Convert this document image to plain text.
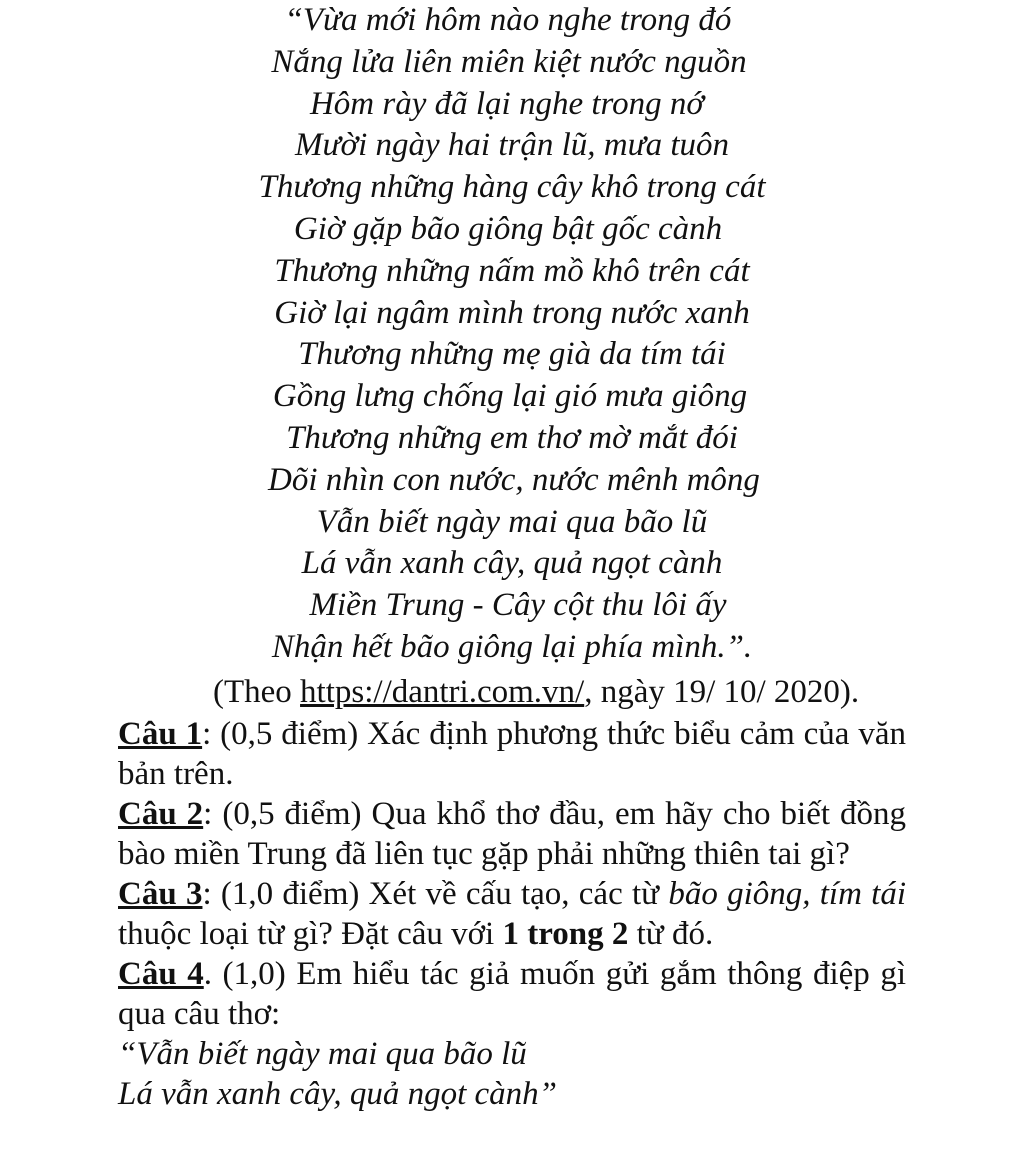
“Vừa mới hôm nào nghe trong đó
Nắng lửa liên miên kiệt nước nguồn
Hôm rày đã lại nghe trong nớ
Mười ngày hai trận lũ, mưa tuôn
Thương những hàng cây khô trong cát
Giờ gặp bão giông bật gốc cành
Thương những nấm mồ khô trên cát
Giờ lại ngâm mình trong nước xanh
Thương những mẹ già da tím tái
Gồng lưng chống lại gió mưa giông
Thương những em thơ mờ mắt đói
Dõi nhìn con nước, nước mênh mông
Vẫn biết ngày mai qua bão lũ
Lá vẫn xanh cây, quả ngọt cành
Miền Trung - Cây cột thu lôi ấy
Nhận hết bão giông lại phía mình.”.
(Theo https://dantri.com.vn/, ngày 19/ 10/ 2020).

Câu 1: (0,5 điểm) Xác định phương thức biểu cảm của văn bản trên.

Câu 2: (0,5 điểm) Qua khổ thơ đầu, em hãy cho biết đồng bào miền Trung đã liên tục gặp phải những thiên tai gì?

Câu 3: (1,0 điểm) Xét về cấu tạo, các từ bão giông, tím tái thuộc loại từ gì? Đặt câu với 1 trong 2 từ đó.

Câu 4. (1,0) Em hiểu tác giả muốn gửi gắm thông điệp gì qua câu thơ:

“Vẫn biết ngày mai qua bão lũ

Lá vẫn xanh cây, quả ngọt cành”
